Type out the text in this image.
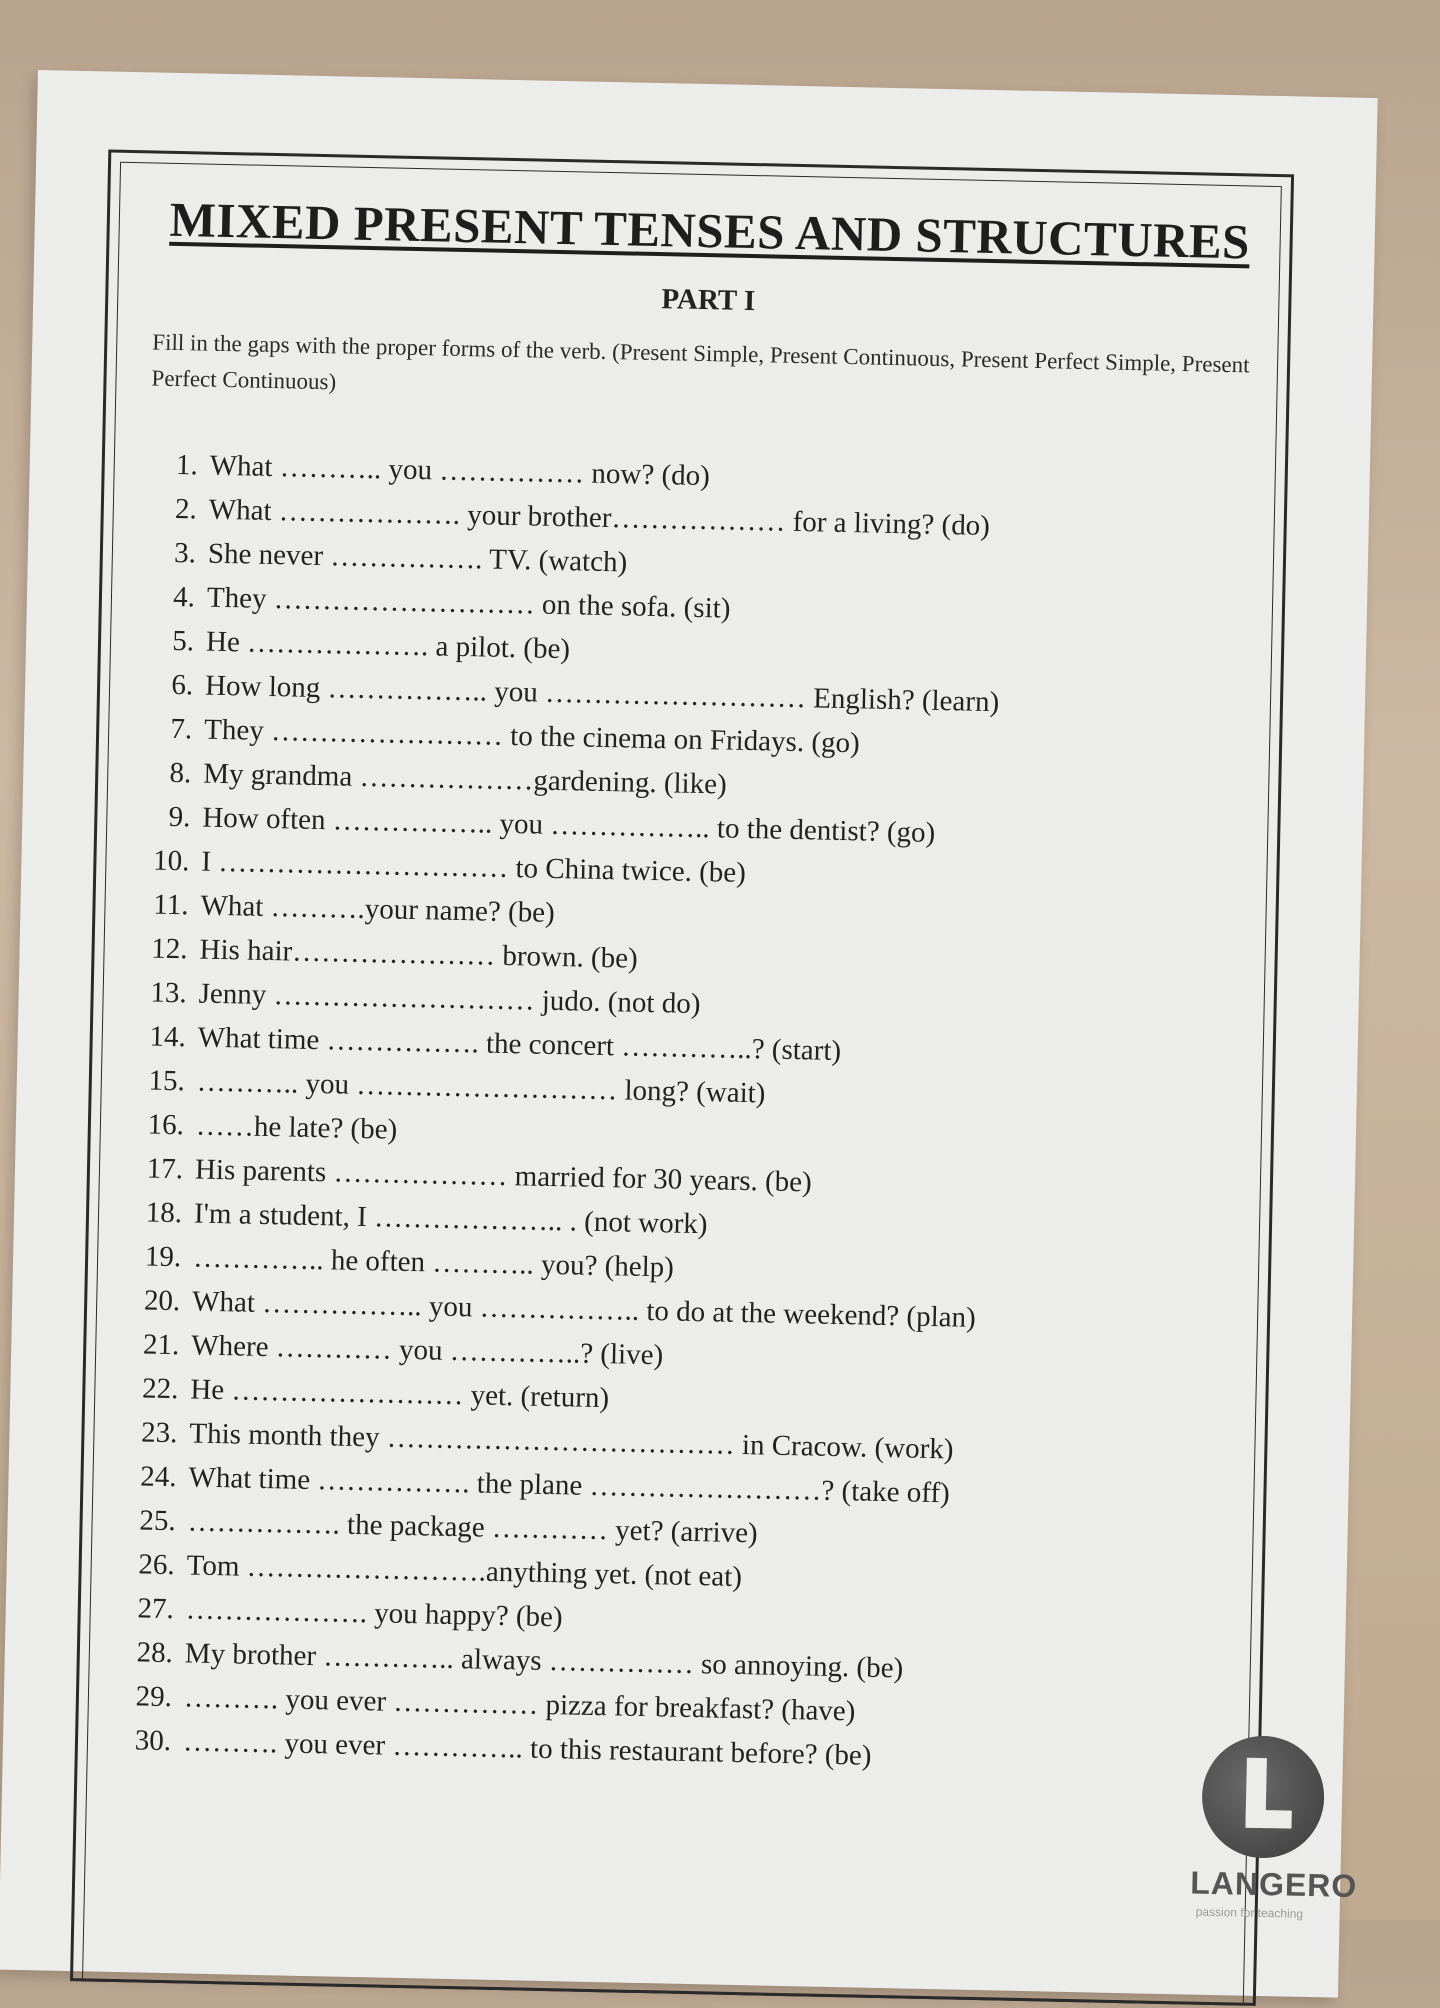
MIXED PRESENT TENSES AND STRUCTURES
PART I
Fill in the gaps with the proper forms of the verb. (Present Simple, Present Continuous, Present Perfect Simple, Present Perfect Continuous)
1. What ……….. you …………… now? (do)
2. What ………………. your brother……………… for a living? (do)
3. She never ……………. TV. (watch)
4. They ……………………… on the sofa. (sit)
5. He ………………. a pilot. (be)
6. How long …………….. you ……………………… English? (learn)
7. They …………………… to the cinema on Fridays. (go)
8. My grandma ………………gardening. (like)
9. How often …………….. you …………….. to the dentist? (go)
10. I ………………………… to China twice. (be)
11. What ……….your name? (be)
12. His hair………………… brown. (be)
13. Jenny ……………………… judo. (not do)
14. What time ……………. the concert …………..? (start)
15. ……….. you ……………………… long? (wait)
16. ……he late? (be)
17. His parents ……………… married for 30 years. (be)
18. I'm a student, I ……………….. . (not work)
19. ………….. he often ……….. you? (help)
20. What …………….. you …………….. to do at the weekend? (plan)
21. Where ………… you …………..? (live)
22. He …………………… yet. (return)
23. This month they ……………………………… in Cracow. (work)
24. What time ……………. the plane ……………………? (take off)
25. ……………. the package ………… yet? (arrive)
26. Tom …………………….anything yet. (not eat)
27. ………………. you happy? (be)
28. My brother ………….. always …………… so annoying. (be)
29. ………. you ever …………… pizza for breakfast? (have)
30. ………. you ever ………….. to this restaurant before? (be)
LANGERO
passion for teaching
